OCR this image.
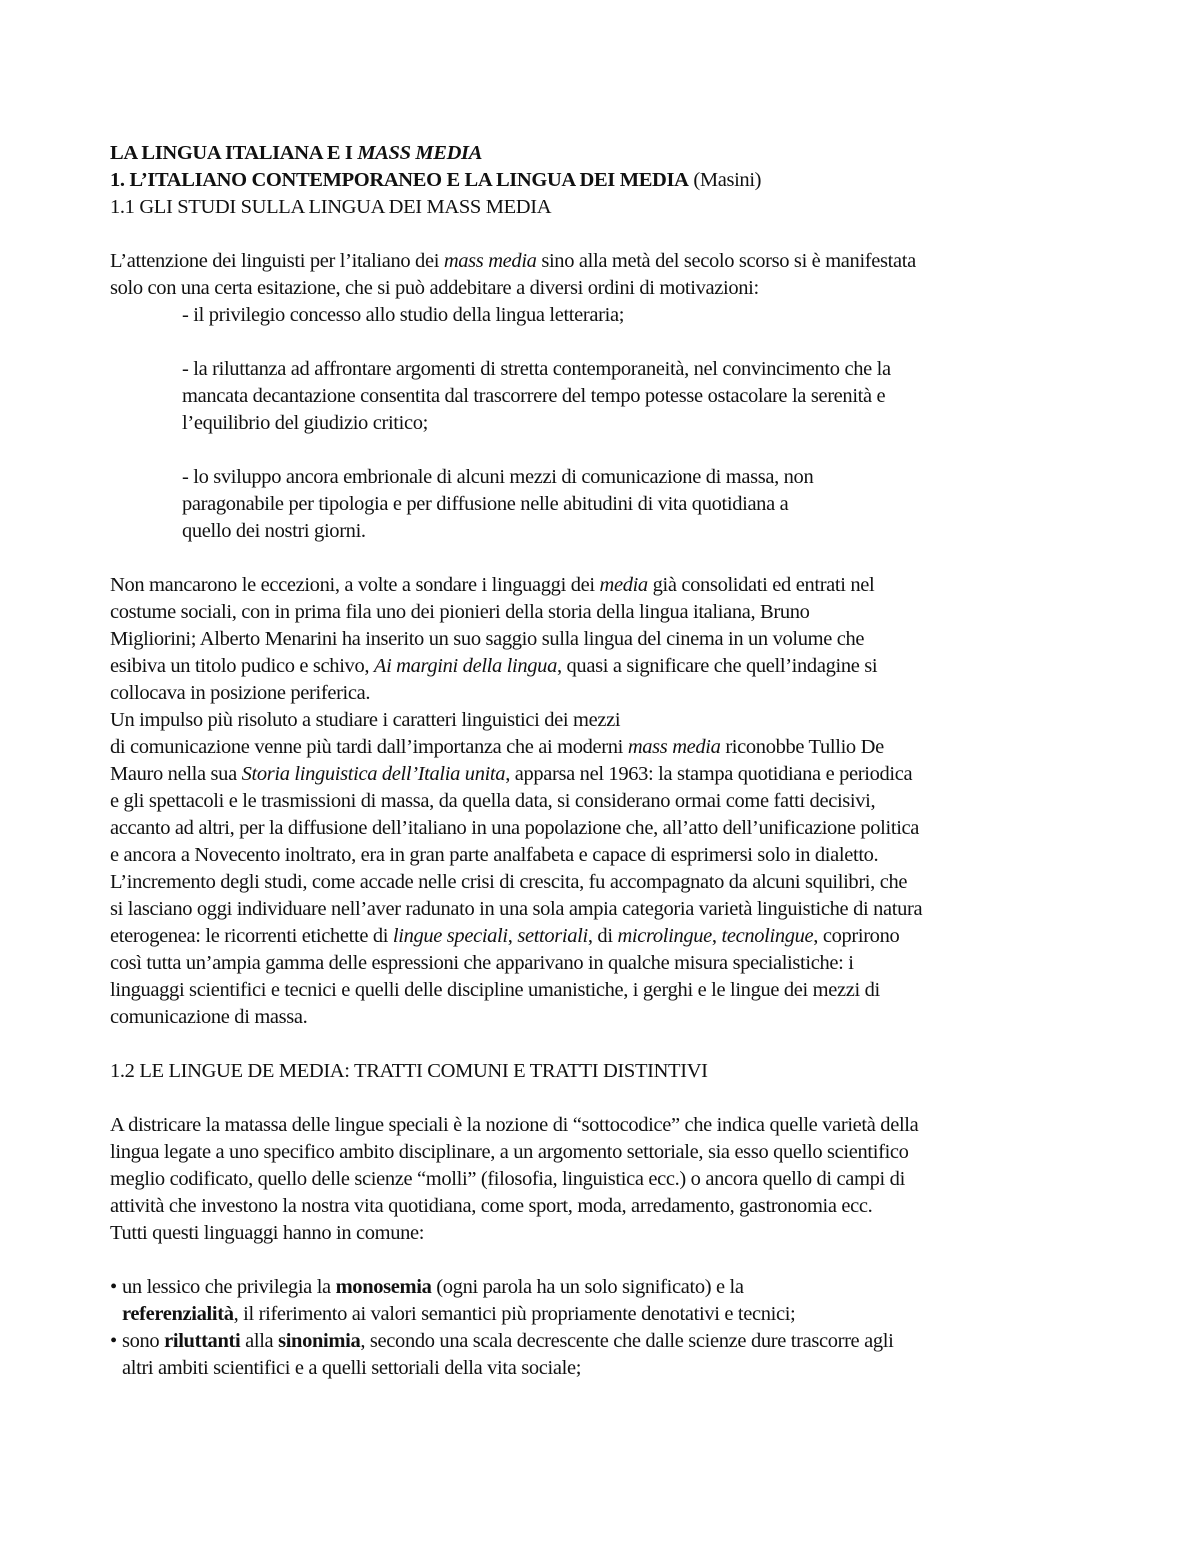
LA LINGUA ITALIANA E I MASS MEDIA
1. L’ITALIANO CONTEMPORANEO E LA LINGUA DEI MEDIA (Masini)
1.1 GLI STUDI SULLA LINGUA DEI MASS MEDIA
L’attenzione dei linguisti per l’italiano dei mass media sino alla metà del secolo scorso si è manifestata
solo con una certa esitazione, che si può addebitare a diversi ordini di motivazioni:
- il privilegio concesso allo studio della lingua letteraria;
- la riluttanza ad affrontare argomenti di stretta contemporaneità, nel convincimento che la
mancata decantazione consentita dal trascorrere del tempo potesse ostacolare la serenità e
l’equilibrio del giudizio critico;
- lo sviluppo ancora embrionale di alcuni mezzi di comunicazione di massa, non
paragonabile per tipologia e per diffusione nelle abitudini di vita quotidiana a
quello dei nostri giorni.
Non mancarono le eccezioni, a volte a sondare i linguaggi dei media già consolidati ed entrati nel
costume sociali, con in prima fila uno dei pionieri della storia della lingua italiana, Bruno
Migliorini; Alberto Menarini ha inserito un suo saggio sulla lingua del cinema in un volume che
esibiva un titolo pudico e schivo, Ai margini della lingua, quasi a significare che quell’indagine si
collocava in posizione periferica.
Un impulso più risoluto a studiare i caratteri linguistici dei mezzi
di comunicazione venne più tardi dall’importanza che ai moderni mass media riconobbe Tullio De
Mauro nella sua Storia linguistica dell’Italia unita, apparsa nel 1963: la stampa quotidiana e periodica
e gli spettacoli e le trasmissioni di massa, da quella data, si considerano ormai come fatti decisivi,
accanto ad altri, per la diffusione dell’italiano in una popolazione che, all’atto dell’unificazione politica
e ancora a Novecento inoltrato, era in gran parte analfabeta e capace di esprimersi solo in dialetto.
L’incremento degli studi, come accade nelle crisi di crescita, fu accompagnato da alcuni squilibri, che
si lasciano oggi individuare nell’aver radunato in una sola ampia categoria varietà linguistiche di natura
eterogenea: le ricorrenti etichette di lingue speciali, settoriali, di microlingue, tecnolingue, coprirono
così tutta un’ampia gamma delle espressioni che apparivano in qualche misura specialistiche: i
linguaggi scientifici e tecnici e quelli delle discipline umanistiche, i gerghi e le lingue dei mezzi di
comunicazione di massa.
1.2 LE LINGUE DE MEDIA: TRATTI COMUNI E TRATTI DISTINTIVI
A districare la matassa delle lingue speciali è la nozione di “sottocodice” che indica quelle varietà della
lingua legate a uno specifico ambito disciplinare, a un argomento settoriale, sia esso quello scientifico
meglio codificato, quello delle scienze “molli” (filosofia, linguistica ecc.) o ancora quello di campi di
attività che investono la nostra vita quotidiana, come sport, moda, arredamento, gastronomia ecc.
Tutti questi linguaggi hanno in comune:
• un lessico che privilegia la monosemia (ogni parola ha un solo significato) e la
referenzialità, il riferimento ai valori semantici più propriamente denotativi e tecnici;
• sono riluttanti alla sinonimia, secondo una scala decrescente che dalle scienze dure trascorre agli
altri ambiti scientifici e a quelli settoriali della vita sociale;
